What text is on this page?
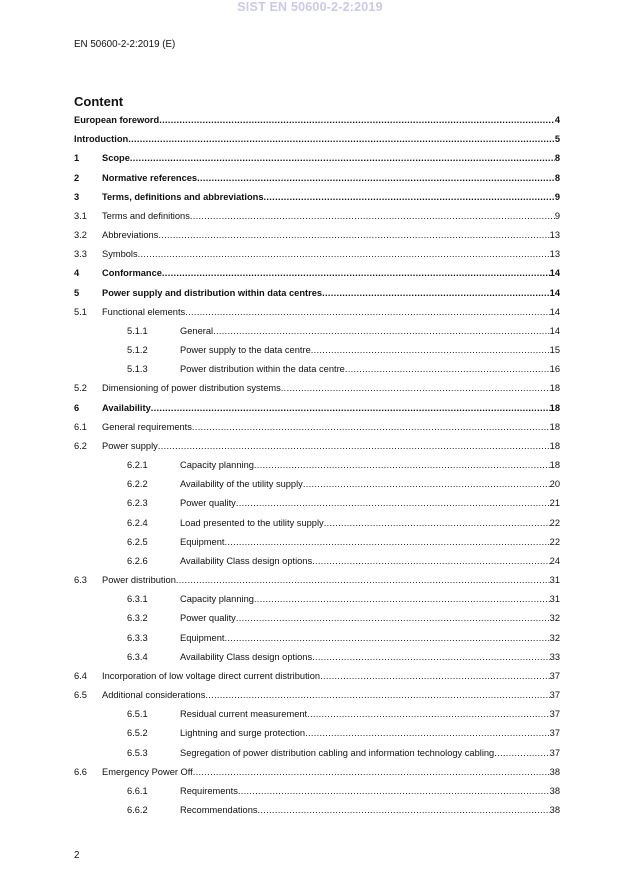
SIST EN 50600-2-2:2019
EN 50600-2-2:2019 (E)
Content
European foreword .....	4
Introduction .....	5
1	Scope .....	8
2	Normative references .....	8
3	Terms, definitions and abbreviations .....	9
3.1	Terms and definitions .....	9
3.2	Abbreviations .....	13
3.3	Symbols .....	13
4	Conformance .....	14
5	Power supply and distribution within data centres .....	14
5.1	Functional elements .....	14
5.1.1	General .....	14
5.1.2	Power supply to the data centre .....	15
5.1.3	Power distribution within the data centre .....	16
5.2	Dimensioning of power distribution systems .....	18
6	Availability .....	18
6.1	General requirements .....	18
6.2	Power supply .....	18
6.2.1	Capacity planning .....	18
6.2.2	Availability of the utility supply .....	20
6.2.3	Power quality .....	21
6.2.4	Load presented to the utility supply .....	22
6.2.5	Equipment .....	22
6.2.6	Availability Class design options .....	24
6.3	Power distribution .....	31
6.3.1	Capacity planning .....	31
6.3.2	Power quality .....	32
6.3.3	Equipment .....	32
6.3.4	Availability Class design options .....	33
6.4	Incorporation of low voltage direct current distribution .....	37
6.5	Additional considerations .....	37
6.5.1	Residual current measurement .....	37
6.5.2	Lightning and surge protection .....	37
6.5.3	Segregation of power distribution cabling and information technology cabling .....	37
6.6	Emergency Power Off .....	38
6.6.1	Requirements .....	38
6.6.2	Recommendations .....	38
2
